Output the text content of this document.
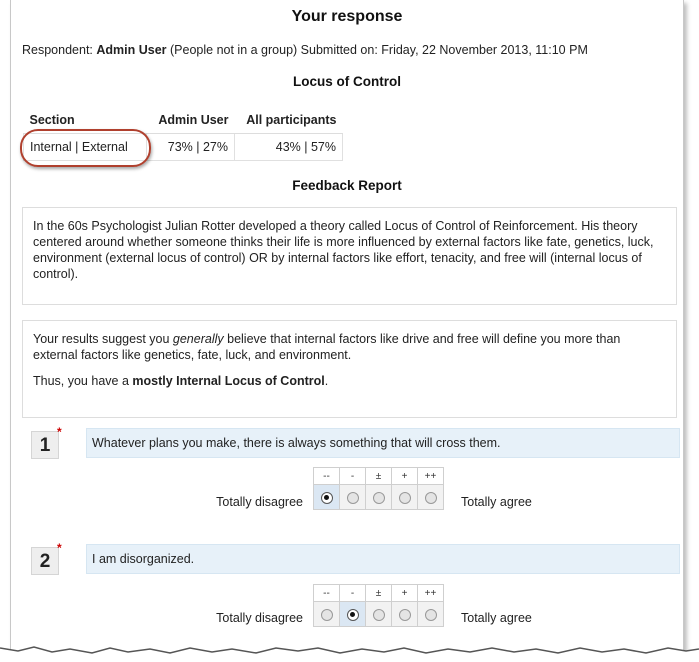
Your response
Respondent: Admin User (People not in a group) Submitted on: Friday, 22 November 2013, 11:10 PM
Locus of Control
Section	Admin User	All participants
Internal | External	73% | 27%	43% | 57%
Feedback Report

In the 60s Psychologist Julian Rotter developed a theory called Locus of Control of Reinforcement. His theory centered around whether someone thinks their life is more influenced by external factors like fate, genetics, luck, environment (external locus of control) OR by internal factors like effort, tenacity, and free will (internal locus of control).

Your results suggest you generally believe that internal factors like drive and free will define you more than external factors like genetics, fate, luck, and environment.

Thus, you have a mostly Internal Locus of Control.

1
*
Whatever plans you make, there is always something that will cross them.
--	-	±	+	++

Totally disagree	Totally agree
2
*
I am disorganized.
--	-	±	+	++

Totally disagree	Totally agree
